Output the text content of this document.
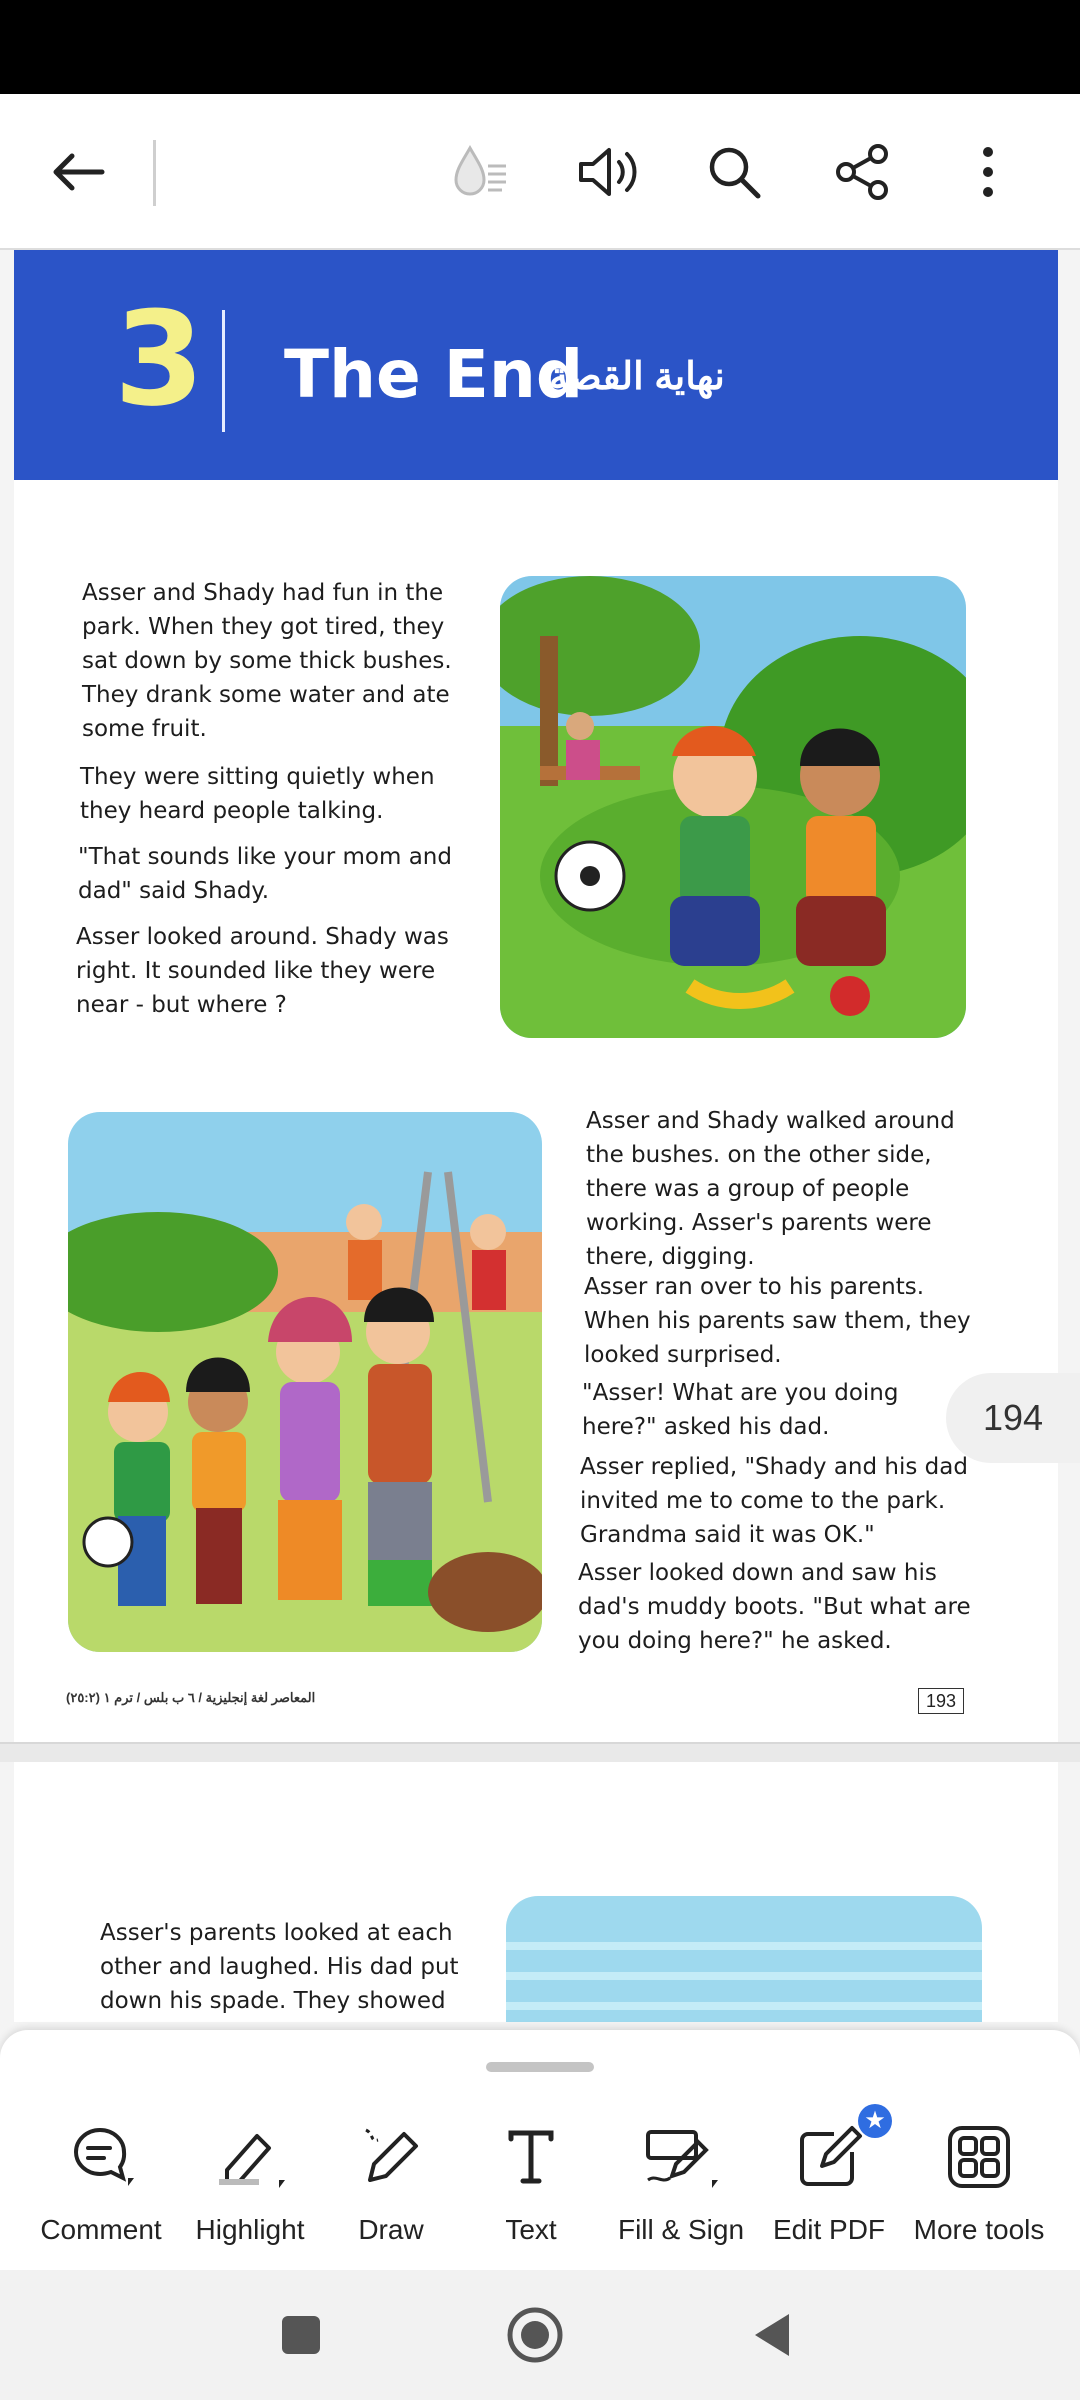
3 The End
نهاية القصة

Asser and Shady had fun in the park. When they got tired, they sat down by some thick bushes. They drank some water and ate some fruit.

They were sitting quietly when they heard people talking.

"That sounds like your mom and dad" said Shady.

Asser looked around. Shady was right. It sounded like they were near - but where ?

Asser and Shady walked around the bushes. on the other side, there was a group of people working. Asser's parents were there, digging.

Asser ran over to his parents. When his parents saw them, they looked surprised.

"Asser! What are you doing here?" asked his dad.

Asser replied, "Shady and his dad invited me to come to the park. Grandma said it was OK."

Asser looked down and saw his dad's muddy boots. "But what are you doing here?" he asked.

(٢٥:٢) المعاصر لغة إنجليزية / ٦ ب بلس / ترم ١	193

Asser's parents looked at each other and laughed. His dad put down his spade. They showed

194
Comment	Highlight	Draw	Text	Fill & Sign
★
Edit PDF	More tools
